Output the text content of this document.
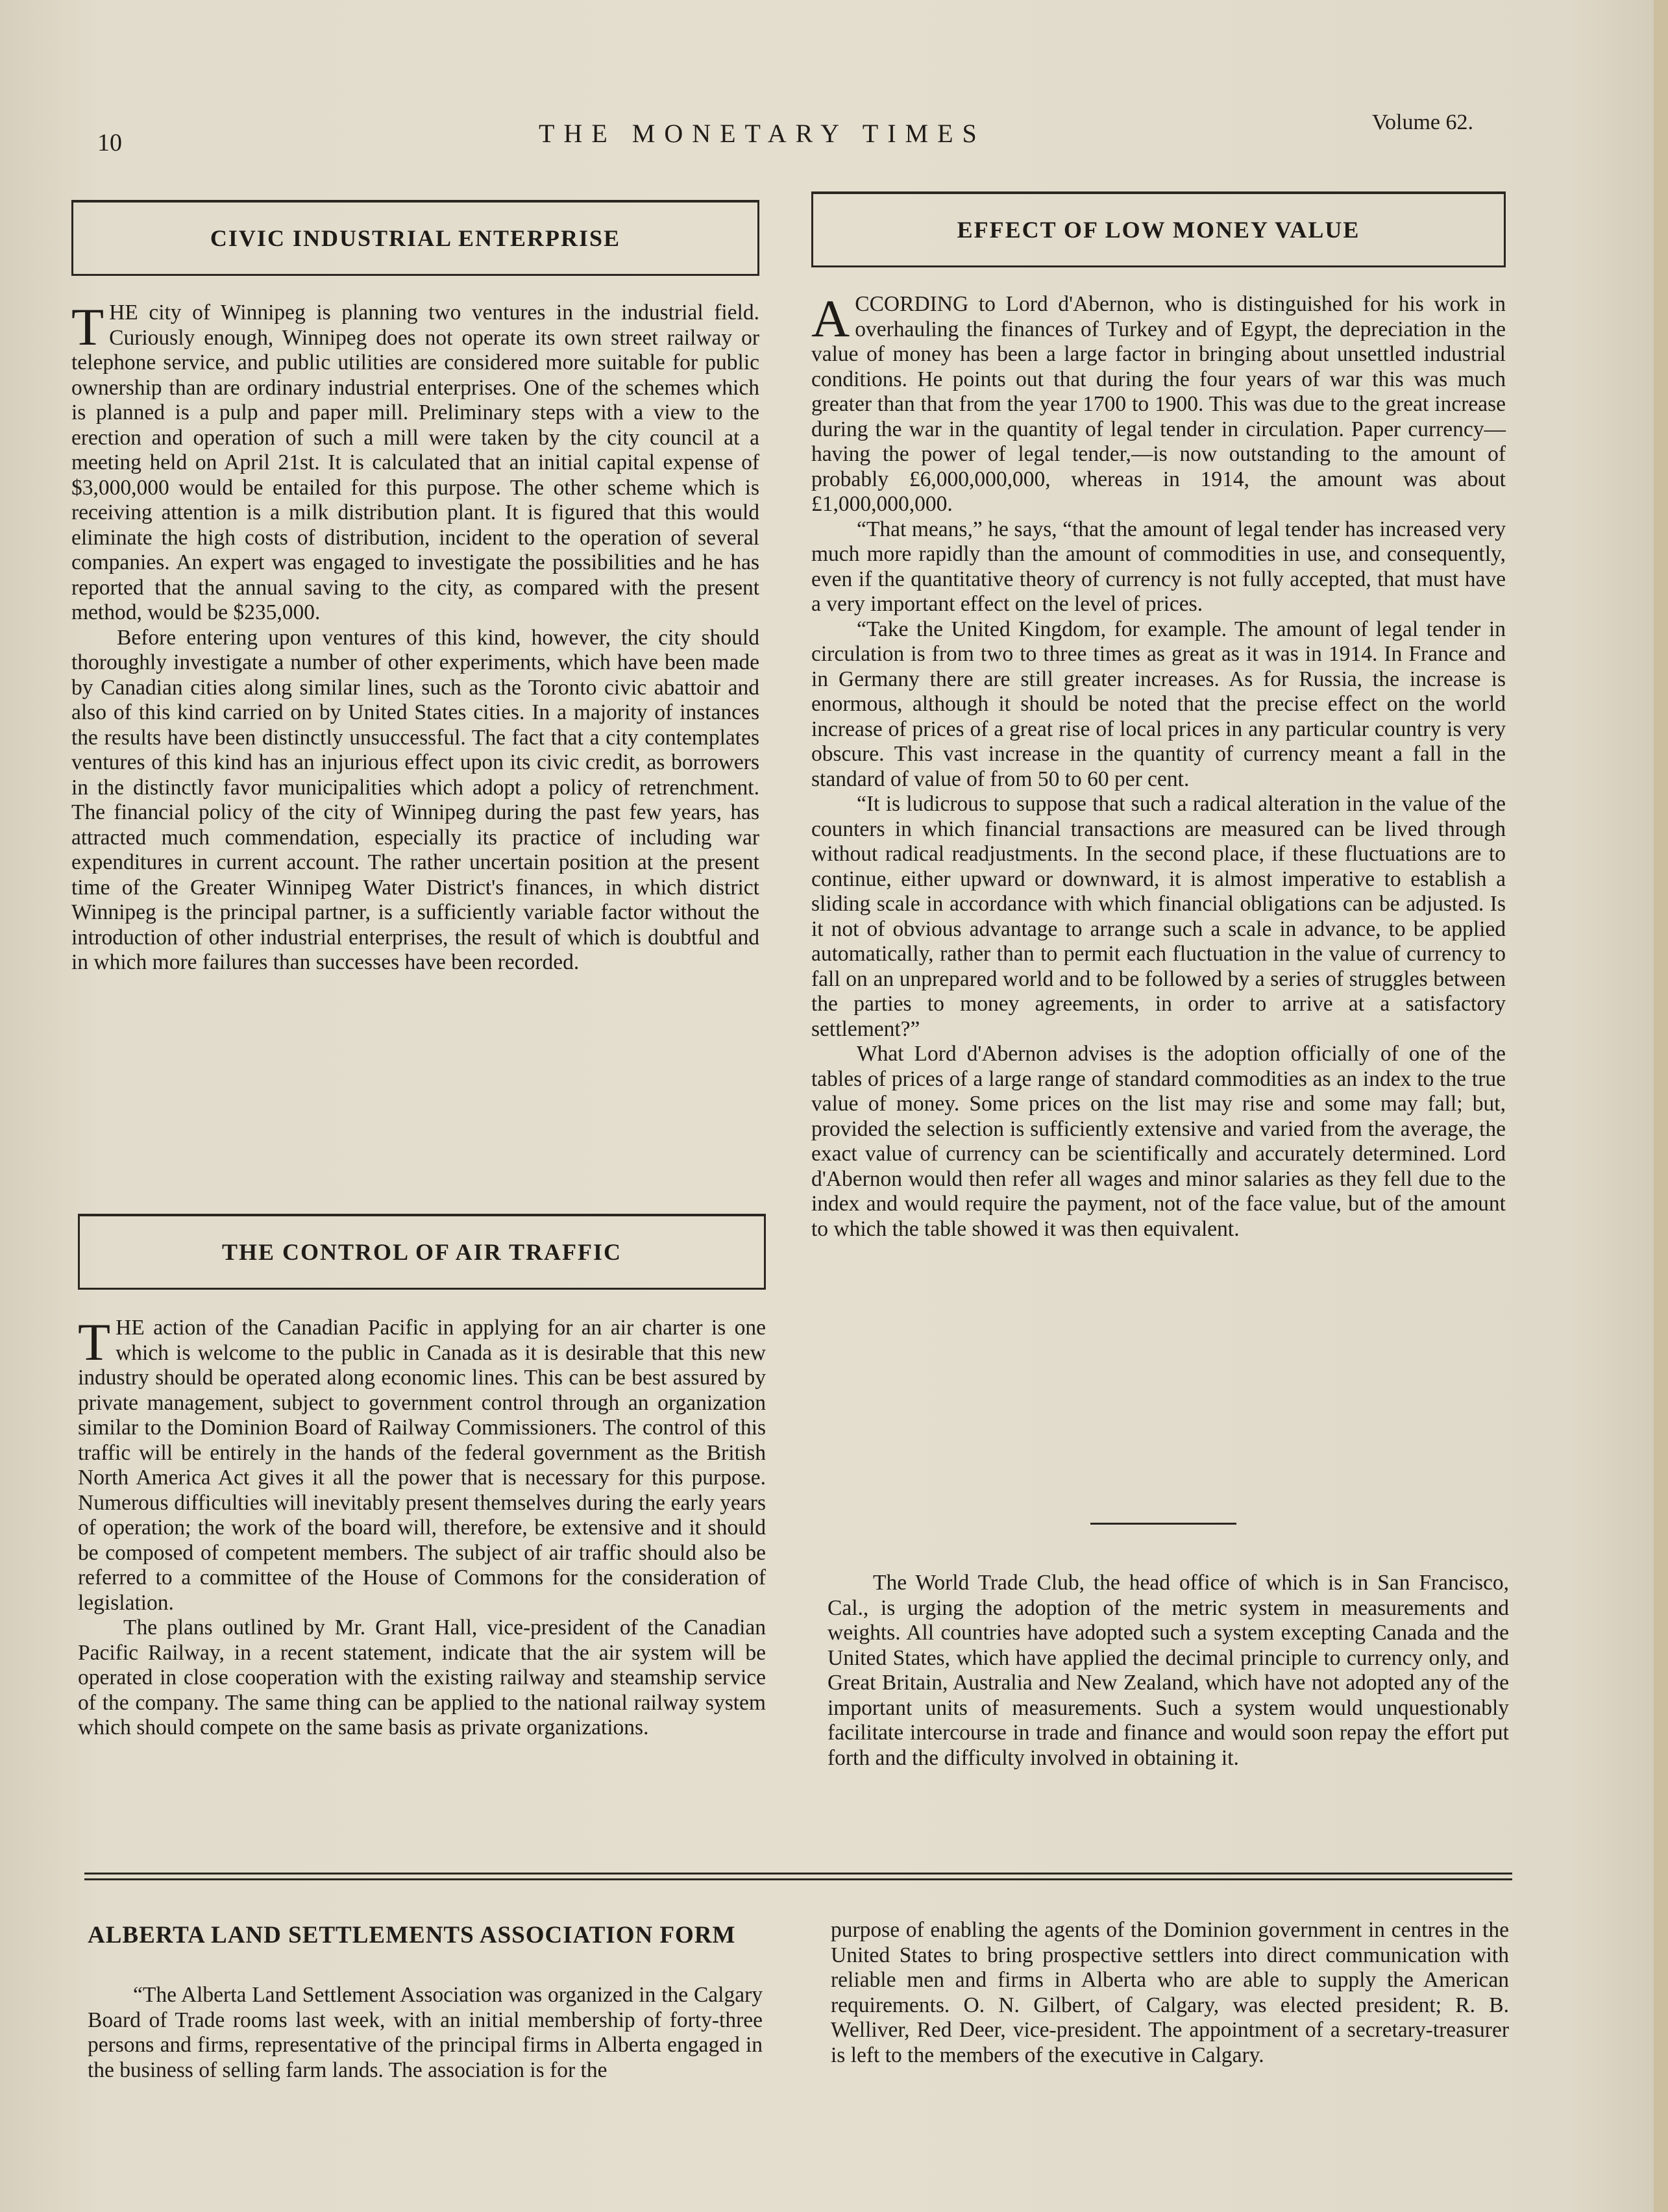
10	THE MONETARY TIMES	Volume 62.
CIVIC INDUSTRIAL ENTERPRISE

THE city of Winnipeg is planning two ventures in the industrial field. Curiously enough, Winnipeg does not operate its own street railway or telephone service, and public utilities are considered more suitable for public ownership than are ordinary industrial enterprises. One of the schemes which is planned is a pulp and paper mill. Preliminary steps with a view to the erection and operation of such a mill were taken by the city council at a meeting held on April 21st. It is calculated that an initial capital expense of $3,000,000 would be entailed for this purpose. The other scheme which is receiving attention is a milk distribution plant. It is figured that this would eliminate the high costs of distribution, incident to the operation of several companies. An expert was engaged to investigate the possibilities and he has reported that the annual saving to the city, as compared with the present method, would be $235,000.

Before entering upon ventures of this kind, however, the city should thoroughly investigate a number of other experiments, which have been made by Canadian cities along similar lines, such as the Toronto civic abattoir and also of this kind carried on by United States cities. In a majority of instances the results have been distinctly unsuccessful. The fact that a city contemplates ventures of this kind has an injurious effect upon its civic credit, as borrowers in the distinctly favor municipalities which adopt a policy of retrenchment. The financial policy of the city of Winnipeg during the past few years, has attracted much commendation, especially its practice of including war expenditures in current account. The rather uncertain position at the present time of the Greater Winnipeg Water District's finances, in which district Winnipeg is the principal partner, is a sufficiently variable factor without the introduction of other industrial enterprises, the result of which is doubtful and in which more failures than successes have been recorded.

THE CONTROL OF AIR TRAFFIC

THE action of the Canadian Pacific in applying for an air charter is one which is welcome to the public in Canada as it is desirable that this new industry should be operated along economic lines. This can be best assured by private management, subject to government control through an organization similar to the Dominion Board of Railway Commissioners. The control of this traffic will be entirely in the hands of the federal government as the British North America Act gives it all the power that is necessary for this purpose. Numerous difficulties will inevitably present themselves during the early years of operation; the work of the board will, therefore, be extensive and it should be composed of competent members. The subject of air traffic should also be referred to a committee of the House of Commons for the consideration of legislation.

The plans outlined by Mr. Grant Hall, vice-president of the Canadian Pacific Railway, in a recent statement, indicate that the air system will be operated in close cooperation with the existing railway and steamship service of the company. The same thing can be applied to the national railway system which should compete on the same basis as private organizations.

EFFECT OF LOW MONEY VALUE

ACCORDING to Lord d'Abernon, who is distinguished for his work in overhauling the finances of Turkey and of Egypt, the depreciation in the value of money has been a large factor in bringing about unsettled industrial conditions. He points out that during the four years of war this was much greater than that from the year 1700 to 1900. This was due to the great increase during the war in the quantity of legal tender in circulation. Paper currency—having the power of legal tender,—is now outstanding to the amount of probably £6,000,000,000, whereas in 1914, the amount was about £1,000,000,000.

“That means,” he says, “that the amount of legal tender has increased very much more rapidly than the amount of commodities in use, and consequently, even if the quantitative theory of currency is not fully accepted, that must have a very important effect on the level of prices.

“Take the United Kingdom, for example. The amount of legal tender in circulation is from two to three times as great as it was in 1914. In France and in Germany there are still greater increases. As for Russia, the increase is enormous, although it should be noted that the precise effect on the world increase of prices of a great rise of local prices in any particular country is very obscure. This vast increase in the quantity of currency meant a fall in the standard of value of from 50 to 60 per cent.

“It is ludicrous to suppose that such a radical alteration in the value of the counters in which financial transactions are measured can be lived through without radical readjustments. In the second place, if these fluctuations are to continue, either upward or downward, it is almost imperative to establish a sliding scale in accordance with which financial obligations can be adjusted. Is it not of obvious advantage to arrange such a scale in advance, to be applied automatically, rather than to permit each fluctuation in the value of currency to fall on an unprepared world and to be followed by a series of struggles between the parties to money agreements, in order to arrive at a satisfactory settlement?”

What Lord d'Abernon advises is the adoption officially of one of the tables of prices of a large range of standard commodities as an index to the true value of money. Some prices on the list may rise and some may fall; but, provided the selection is sufficiently extensive and varied from the average, the exact value of currency can be scientifically and accurately determined. Lord d'Abernon would then refer all wages and minor salaries as they fell due to the index and would require the payment, not of the face value, but of the amount to which the table showed it was then equivalent.

The World Trade Club, the head office of which is in San Francisco, Cal., is urging the adoption of the metric system in measurements and weights. All countries have adopted such a system excepting Canada and the United States, which have applied the decimal principle to currency only, and Great Britain, Australia and New Zealand, which have not adopted any of the important units of measurements. Such a system would unquestionably facilitate intercourse in trade and finance and would soon repay the effort put forth and the difficulty involved in obtaining it.

ALBERTA LAND SETTLEMENTS ASSOCIATION FORM

“The Alberta Land Settlement Association was organized in the Calgary Board of Trade rooms last week, with an initial membership of forty-three persons and firms, representative of the principal firms in Alberta engaged in the business of selling farm lands. The association is for the

purpose of enabling the agents of the Dominion government in centres in the United States to bring prospective settlers into direct communication with reliable men and firms in Alberta who are able to supply the American requirements. O. N. Gilbert, of Calgary, was elected president; R. B. Welliver, Red Deer, vice-president. The appointment of a secretary-treasurer is left to the members of the executive in Calgary.
